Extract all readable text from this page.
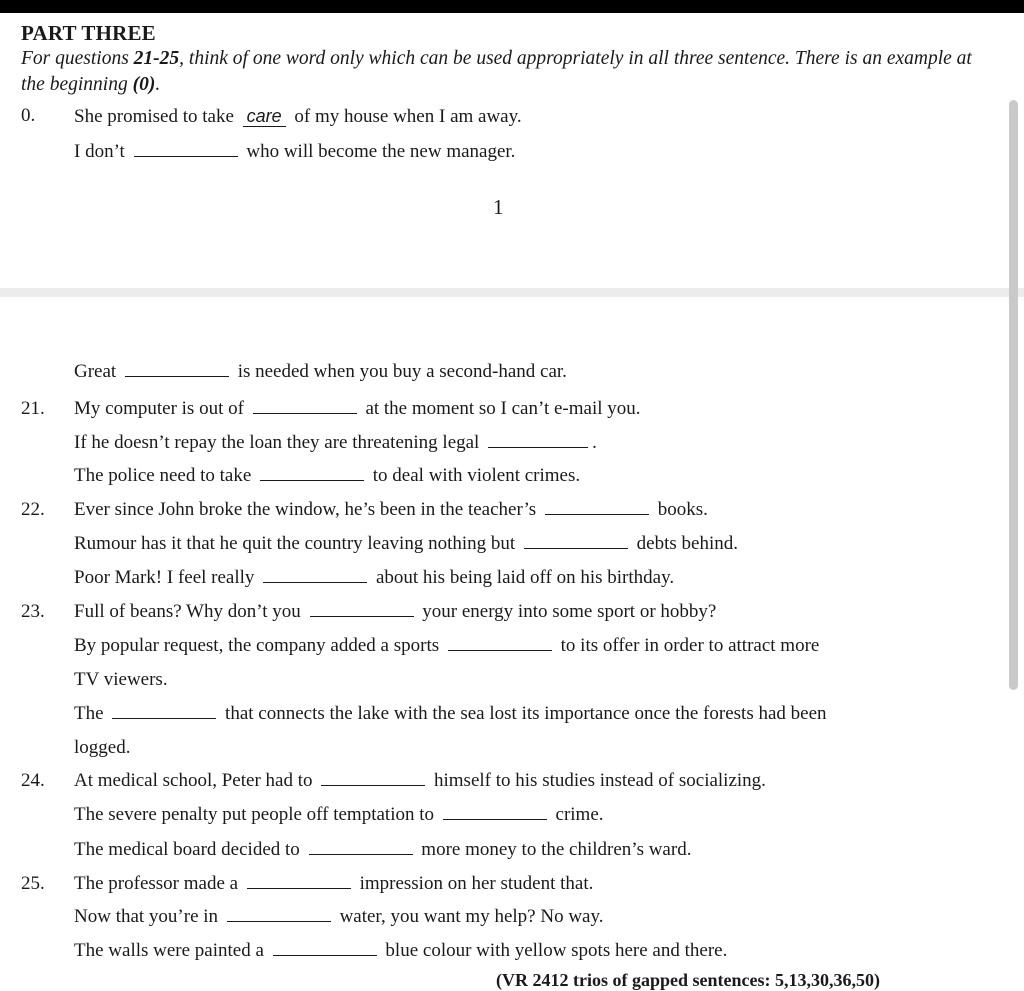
PART THREE
For questions 21-25, think of one word only which can be used appropriately in all three sentence. There is an example at the beginning (0).
0. She promised to take care of my house when I am away.
I don’t	who will become the new manager.
1
Great	is needed when you buy a second-hand car.
21. My computer is out of	at the moment so I can’t e-mail you.
If he doesn’t repay the loan they are threatening legal	.
The police need to take	to deal with violent crimes.
22. Ever since John broke the window, he’s been in the teacher’s	books.
Rumour has it that he quit the country leaving nothing but	debts behind.
Poor Mark! I feel really	about his being laid off on his birthday.
23. Full of beans? Why don’t you	your energy into some sport or hobby?
By popular request, the company added a sports	to its offer in order to attract more
TV viewers.
The	that connects the lake with the sea lost its importance once the forests had been
logged.
24. At medical school, Peter had to	himself to his studies instead of socializing.
The severe penalty put people off temptation to	crime.
The medical board decided to	more money to the children’s ward.
25. The professor made a	impression on her student that.
Now that you’re in	water, you want my help? No way.
The walls were painted a	blue colour with yellow spots here and there.
(VR 2412 trios of gapped sentences: 5,13,30,36,50)
